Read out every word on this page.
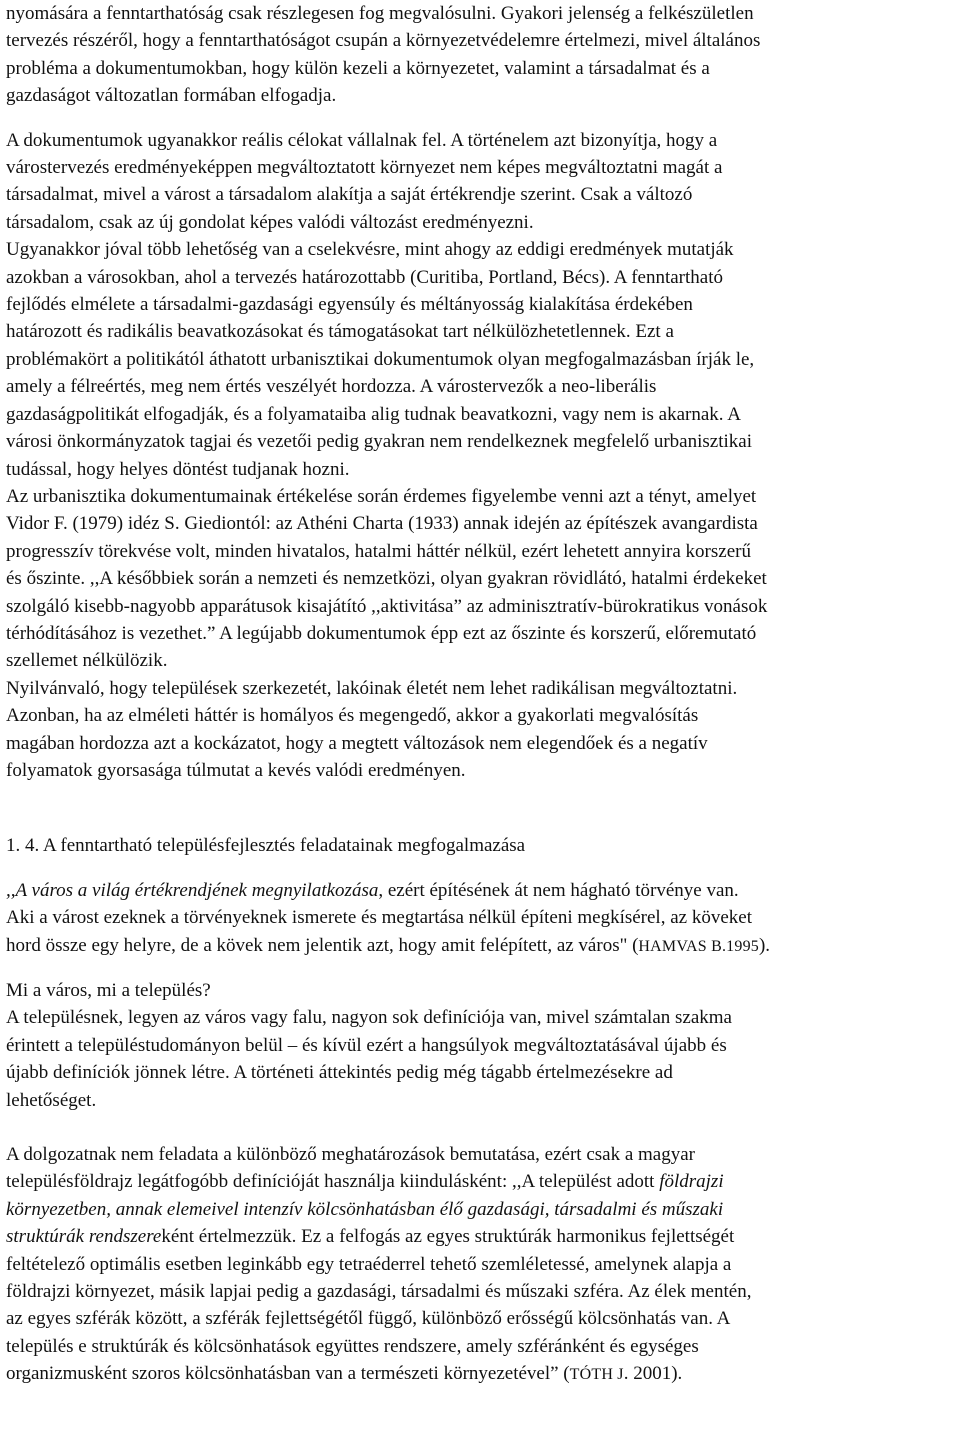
nyomására a fenntarthatóság csak részlegesen fog megvalósulni. Gyakori jelenség a felkészületlen
tervezés részéről, hogy a fenntarthatóságot csupán a környezetvédelemre értelmezi, mivel általános
probléma a dokumentumokban, hogy külön kezeli a környezetet, valamint a társadalmat és a
gazdaságot változatlan formában elfogadja.
A dokumentumok ugyanakkor reális célokat vállalnak fel. A történelem azt bizonyítja, hogy a
várostervezés eredményeképpen megváltoztatott környezet nem képes megváltoztatni magát a
társadalmat, mivel a várost a társadalom alakítja a saját értékrendje szerint. Csak a változó
társadalom, csak az új gondolat képes valódi változást eredményezni.
Ugyanakkor jóval több lehetőség van a cselekvésre, mint ahogy az eddigi eredmények mutatják
azokban a városokban, ahol a tervezés határozottabb (Curitiba, Portland, Bécs). A fenntartható
fejlődés elmélete a társadalmi-gazdasági egyensúly és méltányosság kialakítása érdekében
határozott és radikális beavatkozásokat és támogatásokat tart nélkülözhetetlennek. Ezt a
problémakört a politikától áthatott urbanisztikai dokumentumok olyan megfogalmazásban írják le,
amely a félreértés, meg nem értés veszélyét hordozza. A várostervezők a neo-liberális
gazdaságpolitikát elfogadják, és a folyamataiba alig tudnak beavatkozni, vagy nem is akarnak. A
városi önkormányzatok tagjai és vezetői pedig gyakran nem rendelkeznek megfelelő urbanisztikai
tudással, hogy helyes döntést tudjanak hozni.
Az urbanisztika dokumentumainak értékelése során érdemes figyelembe venni azt a tényt, amelyet
Vidor F. (1979) idéz S. Giediontól: az Athéni Charta (1933) annak idején az építészek avangardista
progresszív törekvése volt, minden hivatalos, hatalmi háttér nélkül, ezért lehetett annyira korszerű
és őszinte. ,,A későbbiek során a nemzeti és nemzetközi, olyan gyakran rövidlátó, hatalmi érdekeket
szolgáló kisebb-nagyobb apparátusok kisajátító ,,aktivitása” az adminisztratív-bürokratikus vonások
térhódításához is vezethet.” A legújabb dokumentumok épp ezt az őszinte és korszerű, előremutató
szellemet nélkülözik.
Nyilvánvaló, hogy települések szerkezetét, lakóinak életét nem lehet radikálisan megváltoztatni.
Azonban, ha az elméleti háttér is homályos és megengedő, akkor a gyakorlati megvalósítás
magában hordozza azt a kockázatot, hogy a megtett változások nem elegendőek és a negatív
folyamatok gyorsasága túlmutat a kevés valódi eredményen.
1. 4. A fenntartható településfejlesztés feladatainak megfogalmazása
,,A város a világ értékrendjének megnyilatkozása, ezért építésének át nem hágható törvénye van.
Aki a várost ezeknek a törvényeknek ismerete és megtartása nélkül építeni megkísérel, az köveket
hord össze egy helyre, de a kövek nem jelentik azt, hogy amit felépített, az város" (HAMVAS B.1995).
Mi a város, mi a település?
A településnek, legyen az város vagy falu, nagyon sok definíciója van, mivel számtalan szakma
érintett a településtudományon belül – és kívül ezért a hangsúlyok megváltoztatásával újabb és
újabb definíciók jönnek létre. A történeti áttekintés pedig még tágabb értelmezésekre ad
lehetőséget.
A dolgozatnak nem feladata a különböző meghatározások bemutatása, ezért csak a magyar
településföldrajz legátfogóbb definícióját használja kiindulásként: ,,A települést adott földrajzi
környezetben, annak elemeivel intenzív kölcsönhatásban élő gazdasági, társadalmi és műszaki
struktúrák rendszereként értelmezzük. Ez a felfogás az egyes struktúrák harmonikus fejlettségét
feltételező optimális esetben leginkább egy tetraéderrel tehető szemléletessé, amelynek alapja a
földrajzi környezet, másik lapjai pedig a gazdasági, társadalmi és műszaki szféra. Az élek mentén,
az egyes szférák között, a szférák fejlettségétől függő, különböző erősségű kölcsönhatás van. A
település e struktúrák és kölcsönhatások együttes rendszere, amely szféránként és egységes
organizmusként szoros kölcsönhatásban van a természeti környezetével” (TÓTH J. 2001).
